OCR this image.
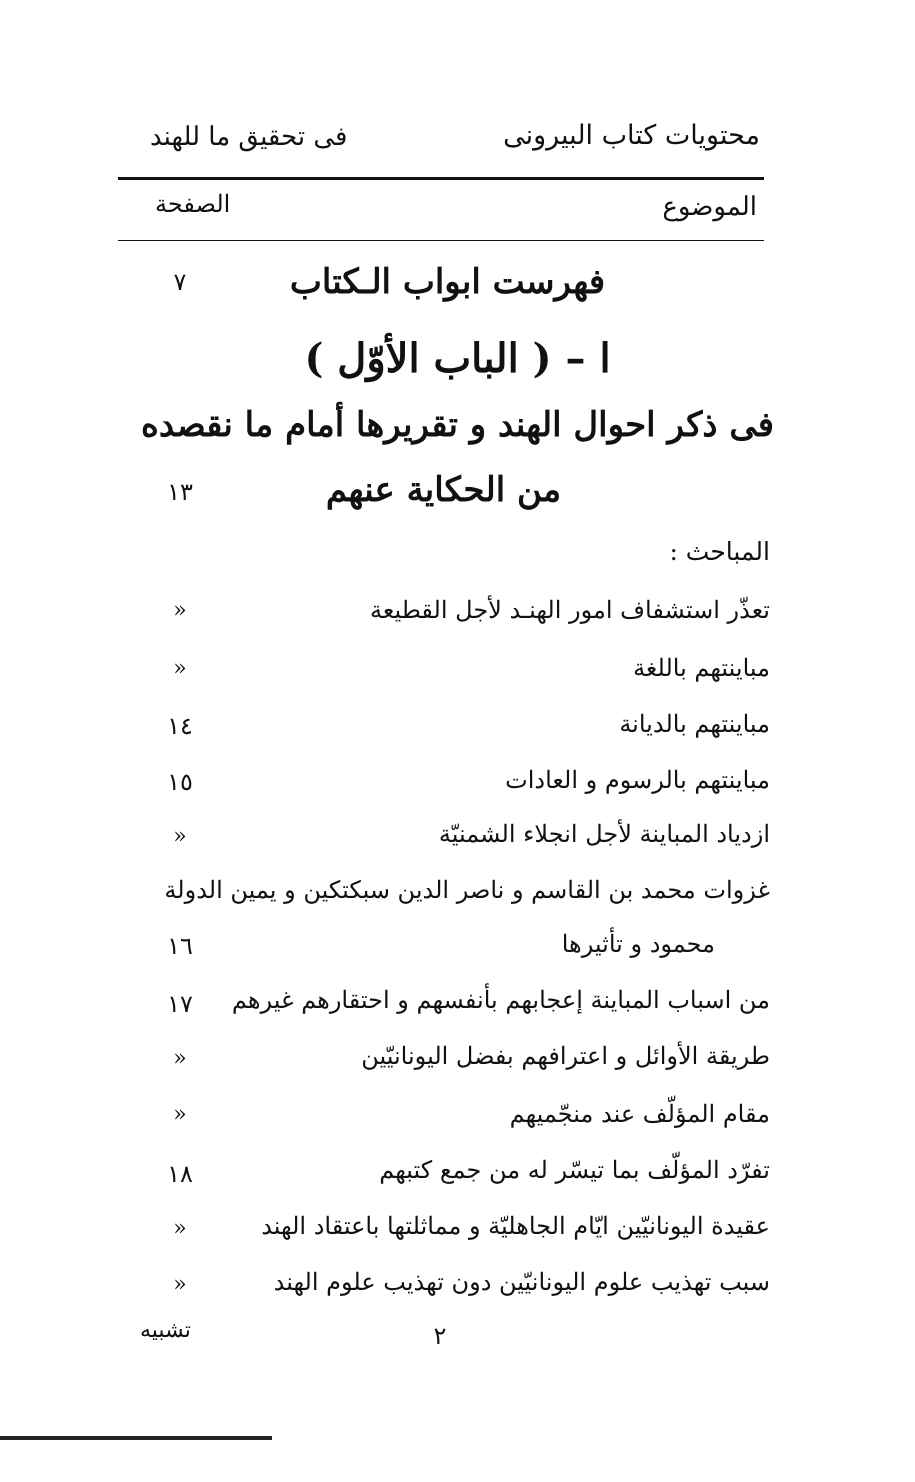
محتويات كتاب البيرونى
فى تحقيق ما للهند
الموضوع
الصفحة
فهرست ابواب الـكتاب
٧
ا – ( الباب الأوّل )
فى ذكر احوال الهند و تقريرها أمام ما نقصده
من الحكاية عنهم
١٣
المباحث :
تعذّر استشفاف امور الهنـد لأجل القطيعة
»
مباينتهم باللغة
»
مباينتهم بالديانة
١٤
مباينتهم بالرسوم و العادات
١٥
ازدياد المباينة لأجل انجلاء الشمنيّة
»
غزوات محمد بن القاسم و ناصر الدين سبكتكين و يمين الدولة
محمود و تأثيرها
١٦
من اسباب المباينة إعجابهم بأنفسهم و احتقارهم غيرهم
١٧
طريقة الأوائل و اعترافهم بفضل اليونانيّين
»
مقام المؤلّف عند منجّميهم
»
تفرّد المؤلّف بما تيسّر له من جمع كتبهم
١٨
عقيدة اليونانيّين ايّام الجاهليّة و مماثلتها باعتقاد الهند
»
سبب تهذيب علوم اليونانيّين دون تهذيب علوم الهند
»
تشبيه	٢
